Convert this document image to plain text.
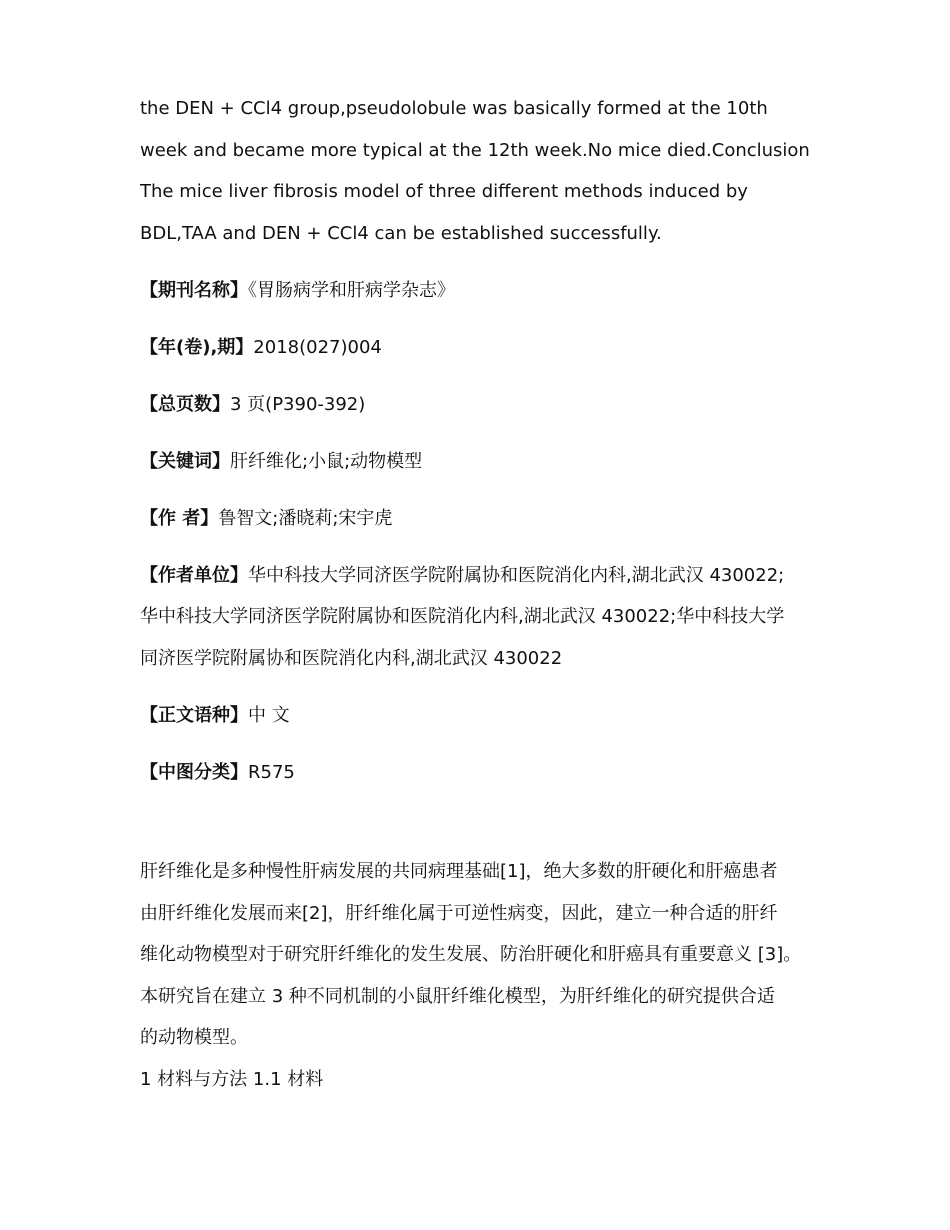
the DEN + CCl4 group,pseudolobule was basically formed at the 10th
week and became more typical at the 12th week.No mice died.Conclusion
The mice liver fibrosis model of three different methods induced by
BDL,TAA and DEN + CCl4 can be established successfully.
【期刊名称】《胃肠病学和肝病学杂志》
【年(卷),期】2018(027)004
【总页数】3 页(P390-392)
【关键词】肝纤维化;小鼠;动物模型
【作 者】鲁智文;潘晓莉;宋宇虎
【作者单位】华中科技大学同济医学院附属协和医院消化内科,湖北武汉 430022;
华中科技大学同济医学院附属协和医院消化内科,湖北武汉 430022;华中科技大学
同济医学院附属协和医院消化内科,湖北武汉 430022
【正文语种】中 文
【中图分类】R575
肝纤维化是多种慢性肝病发展的共同病理基础[1]，绝大多数的肝硬化和肝癌患者
由肝纤维化发展而来[2]，肝纤维化属于可逆性病变，因此，建立一种合适的肝纤
维化动物模型对于研究肝纤维化的发生发展、防治肝硬化和肝癌具有重要意义 [3]。
本研究旨在建立 3 种不同机制的小鼠肝纤维化模型，为肝纤维化的研究提供合适
的动物模型。
1 材料与方法 1.1 材料
